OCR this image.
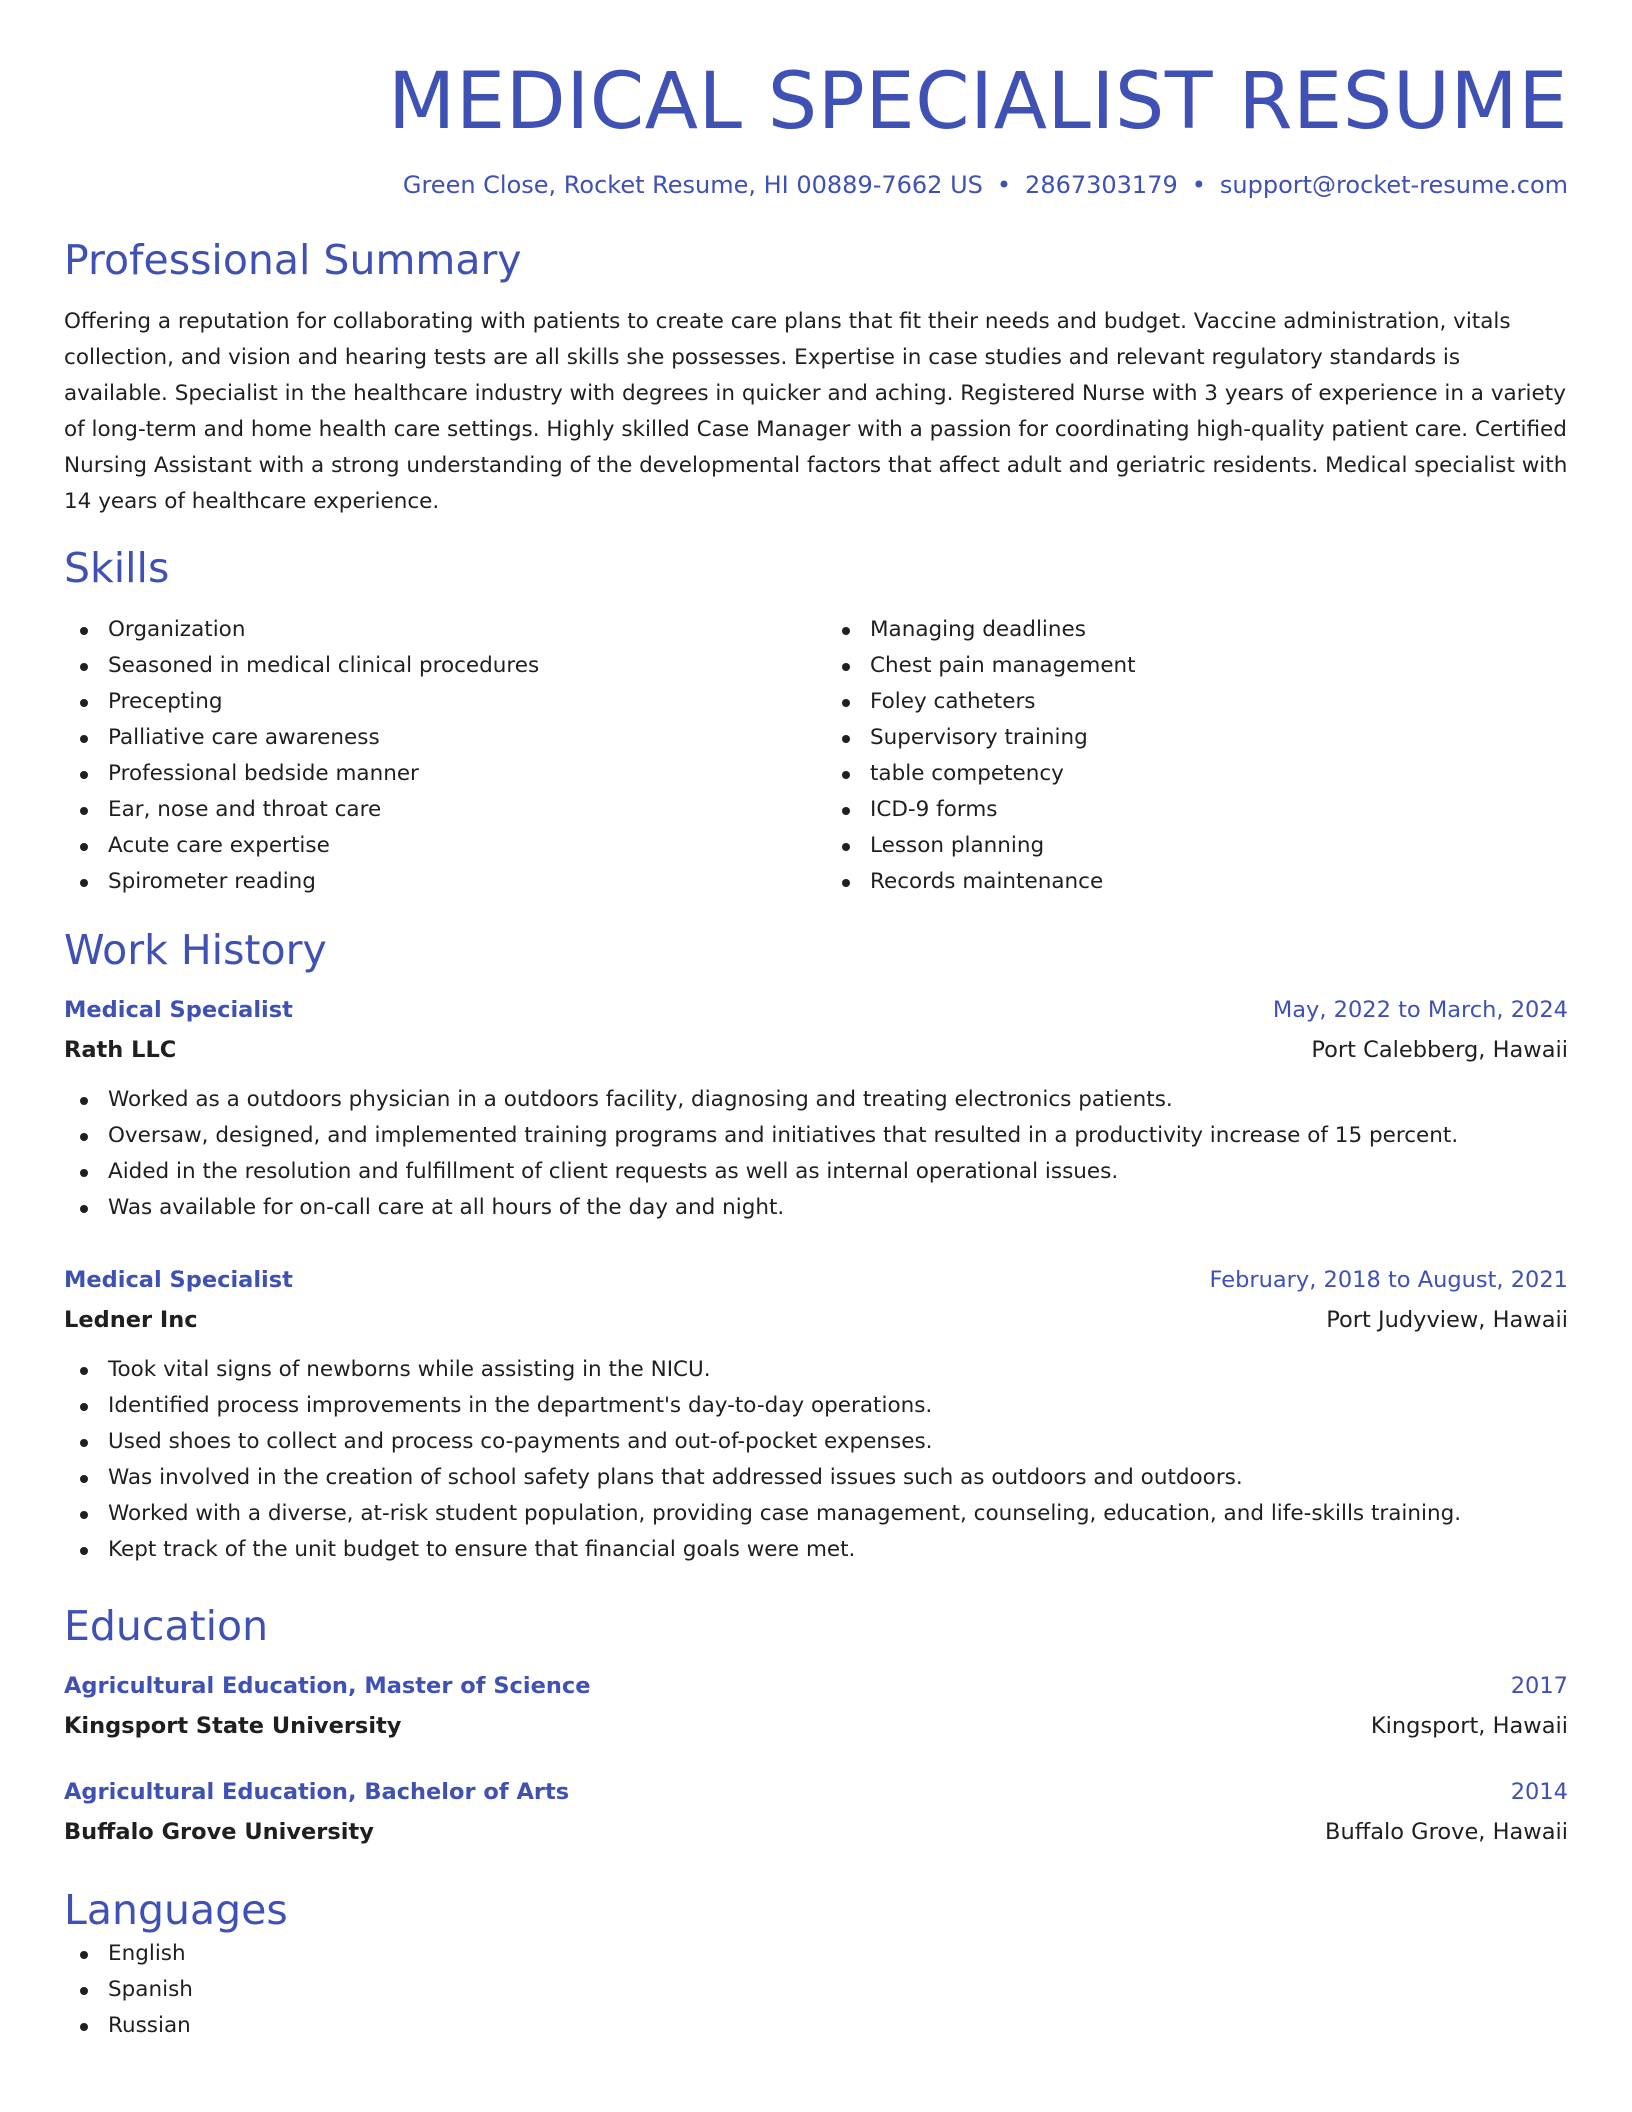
MEDICAL SPECIALIST RESUME
Green Close, Rocket Resume, HI 00889-7662 US • 2867303179 • support@rocket-resume.com
Professional Summary

Offering a reputation for collaborating with patients to create care plans that fit their needs and budget. Vaccine administration, vitals collection, and vision and hearing tests are all skills she possesses. Expertise in case studies and relevant regulatory standards is available. Specialist in the healthcare industry with degrees in quicker and aching. Registered Nurse with 3 years of experience in a variety of long-term and home health care settings. Highly skilled Case Manager with a passion for coordinating high-quality patient care. Certified Nursing Assistant with a strong understanding of the developmental factors that affect adult and geriatric residents. Medical specialist with 14 years of healthcare experience.

Skills
Organization
Seasoned in medical clinical procedures
Precepting
Palliative care awareness
Professional bedside manner
Ear, nose and throat care
Acute care expertise
Spirometer reading
Managing deadlines
Chest pain management
Foley catheters
Supervisory training
table competency
ICD-9 forms
Lesson planning
Records maintenance
Work History
Medical Specialist	May, 2022 to March, 2024
Rath LLC	Port Calebberg, Hawaii
Worked as a outdoors physician in a outdoors facility, diagnosing and treating electronics patients.
Oversaw, designed, and implemented training programs and initiatives that resulted in a productivity increase of 15 percent.
Aided in the resolution and fulfillment of client requests as well as internal operational issues.
Was available for on-call care at all hours of the day and night.
Medical Specialist	February, 2018 to August, 2021
Ledner Inc	Port Judyview, Hawaii
Took vital signs of newborns while assisting in the NICU.
Identified process improvements in the department's day-to-day operations.
Used shoes to collect and process co-payments and out-of-pocket expenses.
Was involved in the creation of school safety plans that addressed issues such as outdoors and outdoors.
Worked with a diverse, at-risk student population, providing case management, counseling, education, and life-skills training.
Kept track of the unit budget to ensure that financial goals were met.
Education
Agricultural Education, Master of Science	2017
Kingsport State University	Kingsport, Hawaii
Agricultural Education, Bachelor of Arts	2014
Buffalo Grove University	Buffalo Grove, Hawaii
Languages
English
Spanish
Russian
